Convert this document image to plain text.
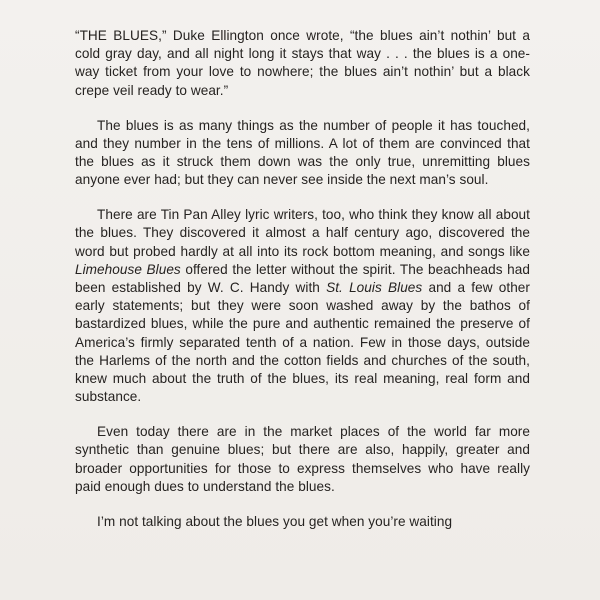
“THE BLUES,” Duke Ellington once wrote, “the blues ain’t nothin’ but a cold gray day, and all night long it stays that way . . . the blues is a one-way ticket from your love to nowhere; the blues ain’t nothin’ but a black crepe veil ready to wear.”

The blues is as many things as the number of people it has touched, and they number in the tens of millions. A lot of them are convinced that the blues as it struck them down was the only true, unremitting blues anyone ever had; but they can never see inside the next man’s soul.

There are Tin Pan Alley lyric writers, too, who think they know all about the blues. They discovered it almost a half century ago, discovered the word but probed hardly at all into its rock bottom meaning, and songs like Limehouse Blues offered the letter without the spirit. The beachheads had been established by W. C. Handy with St. Louis Blues and a few other early statements; but they were soon washed away by the bathos of bastardized blues, while the pure and authentic remained the preserve of America’s firmly separated tenth of a nation. Few in those days, outside the Harlems of the north and the cotton fields and churches of the south, knew much about the truth of the blues, its real meaning, real form and substance.

Even today there are in the market places of the world far more synthetic than genuine blues; but there are also, happily, greater and broader opportunities for those to express themselves who have really paid enough dues to understand the blues.

I’m not talking about the blues you get when you’re waiting
